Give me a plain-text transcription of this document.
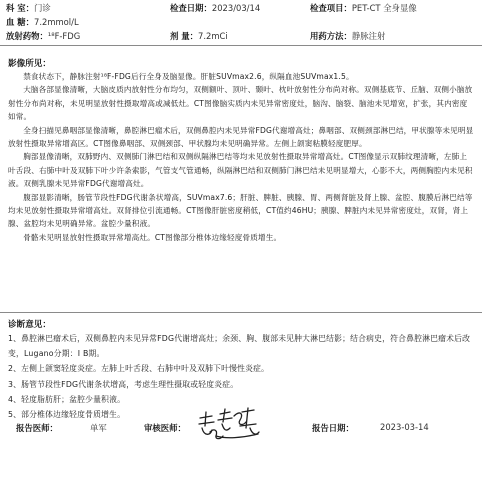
科 室：门诊	检查日期：2023/03/14	检查项目：PET-CT 全身显像
血 糖：7.2mmol/L
放射药物：¹⁸F-FDG	剂 量：7.2mCi	用药方法：静脉注射
影像所见：

禁食状态下，静脉注射¹⁸F-FDG后行全身及脑显像。肝脏SUVmax2.6，纵隔血池SUVmax1.5。

大脑各部显像清晰，大脑皮质内放射性分布均匀，双侧额叶、顶叶、颞叶、枕叶放射性分布尚对称。双侧基底节、丘脑、双侧小脑放射性分布尚对称，未见明显放射性摄取增高或减低灶。CT图像脑实质内未见异常密度灶，脑沟、脑裂、脑池未见增宽，扩张，其内密度如常。

全身扫描见鼻咽部显像清晰，鼻腔淋巴瘤术后，双侧鼻腔内未见异常FDG代谢增高灶；鼻咽部、双侧颈部淋巴结，甲状腺等未见明显放射性摄取异常增高区。CT图像鼻咽部、双侧颈部、甲状腺均未见明确异常。左侧上颌窦粘膜轻度肥厚。

胸部显像清晰，双肺野内、双侧肺门淋巴结和双侧纵隔淋巴结等均未见放射性摄取异常增高灶。CT图像显示双肺纹理清晰，左肺上叶舌段、右肺中叶及双肺下叶少许条索影，气管支气管通畅，纵隔淋巴结和双侧肺门淋巴结未见明显增大，心影不大，两侧胸腔内未见积液。双侧乳腺未见异常FDG代谢增高灶。

腹部显影清晰，肠管节段性FDG代谢条状增高，SUVmax7.6；肝脏、脾脏、胰腺、胃、两侧肾脏及肾上腺、盆腔、腹膜后淋巴结等均未见放射性摄取异常增高灶。双肾排位引流通畅。CT图像肝脏密度稍低，CT值约46HU；胰腺、脾脏内未见异常密度灶，双肾，肾上腺、盆腔均未见明确异常。盆腔少量积液。

骨骼未见明显放射性摄取异常增高灶。CT图像部分椎体边缘轻度骨质增生。

诊断意见：
1、鼻腔淋巴瘤术后，双侧鼻腔内未见异常FDG代谢增高灶；余颈、胸、腹部未见肿大淋巴结影；结合病史，符合鼻腔淋巴瘤术后改变，Lugano分期：Ⅰ B期。
2、左侧上颌窦轻度炎症。左肺上叶舌段、右肺中叶及双肺下叶慢性炎症。
3、肠管节段性FDG代谢条状增高，考虑生理性摄取或轻度炎症。
4、轻度脂肪肝；盆腔少量积液。
5、部分椎体边缘轻度骨质增生。
报告医师：	单军	审核医师：	报告日期：	2023-03-14
